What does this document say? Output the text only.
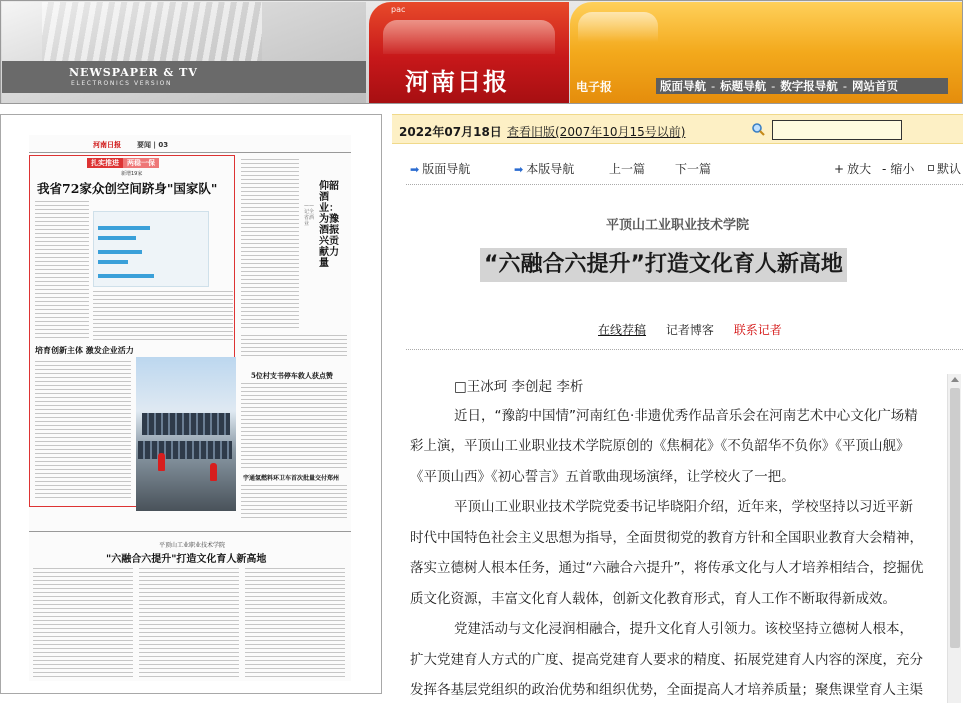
NEWSPAPER & TV
ELECTRONICS VERSION
pac
河南日报	电子报	版面导航 - 标题导航 - 数字报导航 - 网站首页
河南日报 要闻 | 03
扎实推进 两稳一保
新增19家
我省72家众创空间跻身"国家队"
培育创新主体 激发企业活力
——记全省酒业
仰韶酒业：为豫酒振兴贡献力量
5位村支书停车救人获点赞
宇通氢燃料环卫车首次批量交付郑州
平顶山工业职业技术学院
"六融合六提升"打造文化育人新高地
2022年07月18日 查看旧版(2007年10月15号以前)
➡ 版面导航	➡ 本版导航	上一篇 下一篇	+ 放大 - 缩小	默认
平顶山工业职业技术学院
“六融合六提升”打造文化育人新高地
在线荐稿 记者博客 联系记者
□王冰珂 李创起 李析

近日，“豫韵中国情”河南红色·非遗优秀作品音乐会在河南艺术中心文化广场精

彩上演，平顶山工业职业技术学院原创的《焦桐花》《不负韶华不负你》《平顶山舰》

《平顶山西》《初心誓言》五首歌曲现场演绎，让学校火了一把。

平顶山工业职业技术学院党委书记毕晓阳介绍，近年来，学校坚持以习近平新

时代中国特色社会主义思想为指导，全面贯彻党的教育方针和全国职业教育大会精神，

落实立德树人根本任务，通过“六融合六提升”，将传承文化与人才培养相结合，挖掘优

质文化资源，丰富文化育人载体，创新文化教育形式，育人工作不断取得新成效。

党建活动与文化浸润相融合，提升文化育人引领力。该校坚持立德树人根本，

扩大党建育人方式的广度、提高党建育人要求的精度、拓展党建育人内容的深度，充分

发挥各基层党组织的政治优势和组织优势，全面提高人才培养质量；聚焦课堂育人主渠
